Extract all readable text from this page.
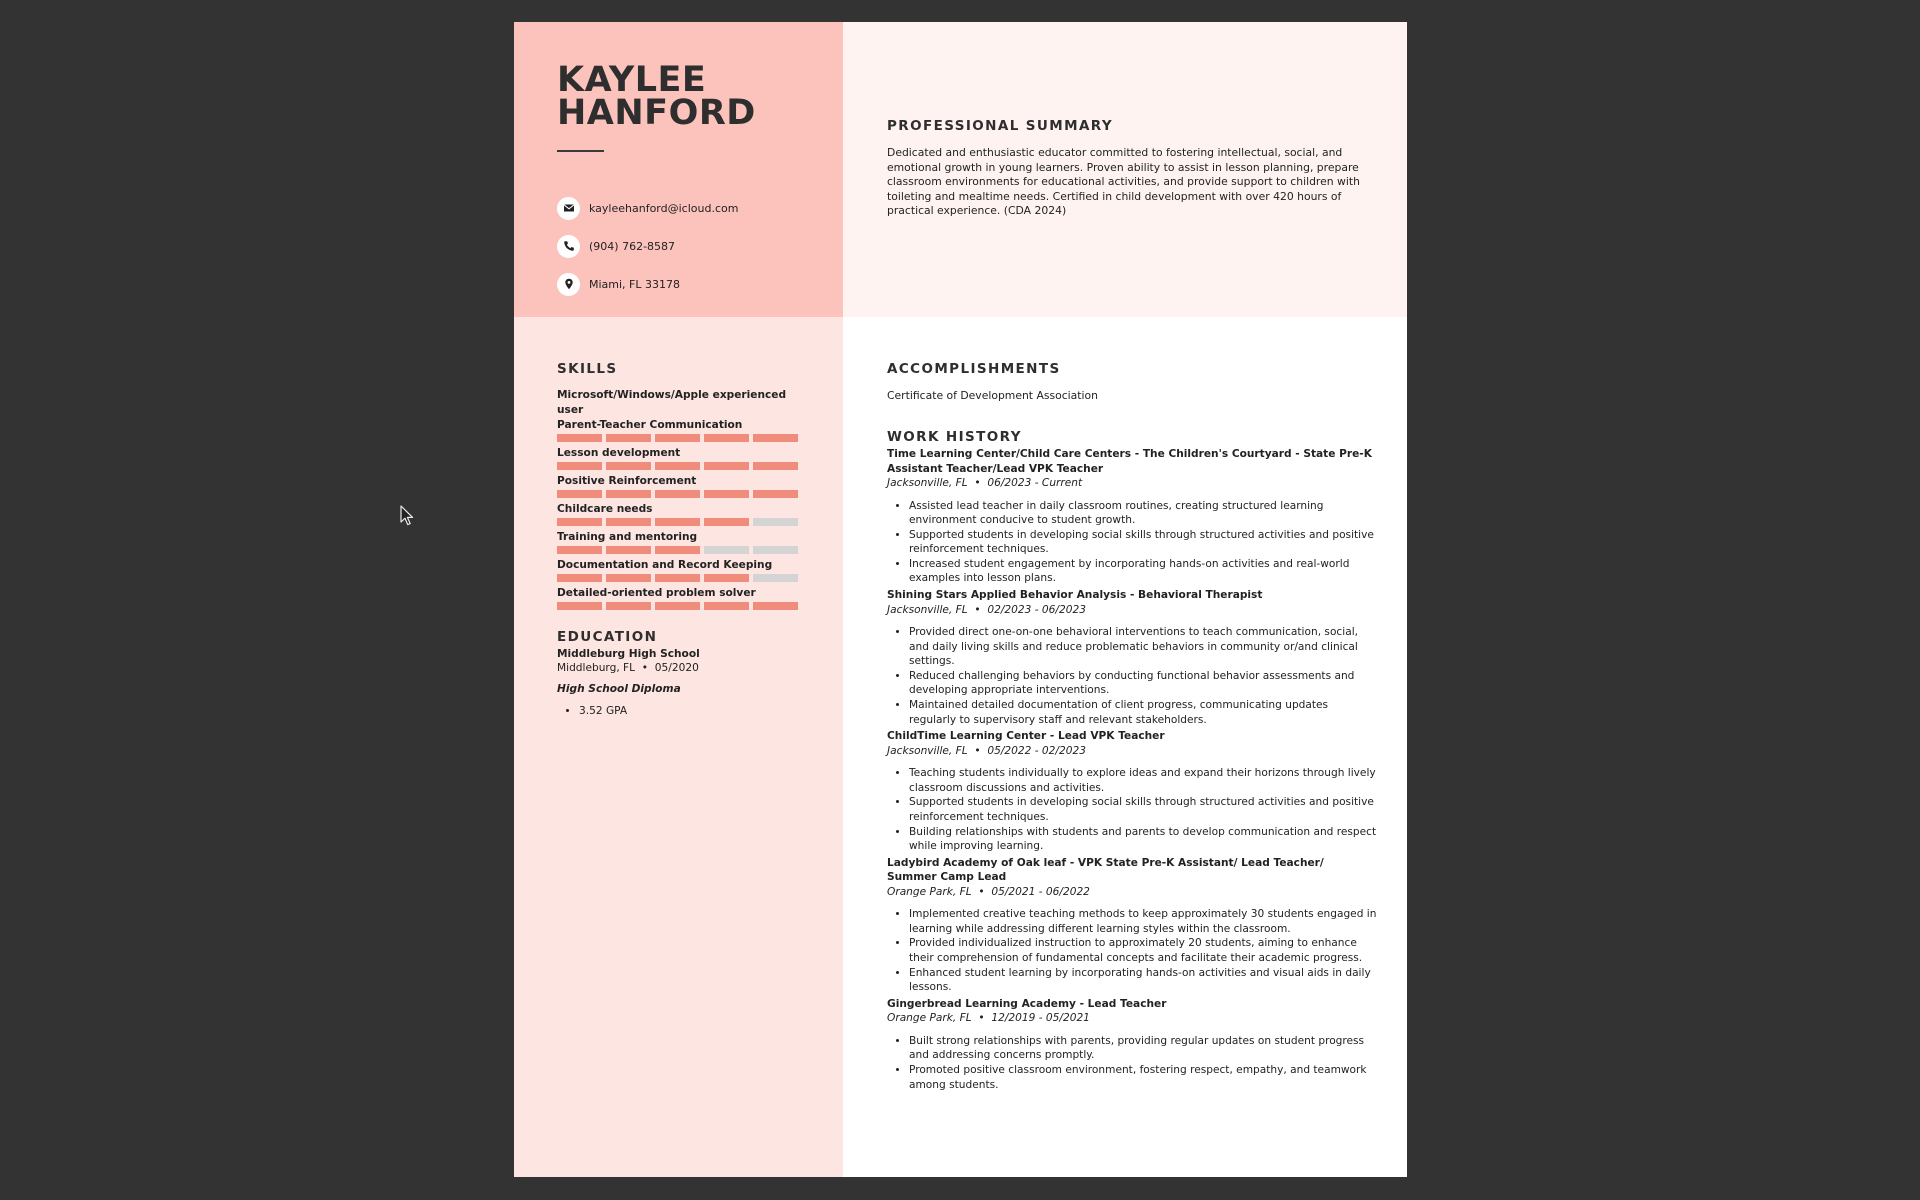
KAYLEE
HANFORD
kayleehanford@icloud.com
(904) 762-8587
Miami, FL 33178
PROFESSIONAL SUMMARY

Dedicated and enthusiastic educator committed to fostering intellectual, social, and emotional growth in young learners. Proven ability to assist in lesson planning, prepare classroom environments for educational activities, and provide support to children with toileting and mealtime needs. Certified in child development with over 420 hours of practical experience. (CDA 2024)

SKILLS
Microsoft/Windows/Apple experienced user
Parent-Teacher Communication
Lesson development
Positive Reinforcement
Childcare needs
Training and mentoring
Documentation and Record Keeping
Detailed-oriented problem solver
EDUCATION
Middleburg High School
Middleburg, FL  •  05/2020
High School Diploma
• 3.52 GPA
ACCOMPLISHMENTS
Certificate of Development Association
WORK HISTORY
Time Learning Center/Child Care Centers - The Children's Courtyard - State Pre-K Assistant Teacher/Lead VPK Teacher
Jacksonville, FL  •  06/2023 - Current
• Assisted lead teacher in daily classroom routines, creating structured learning environment conducive to student growth.
• Supported students in developing social skills through structured activities and positive reinforcement techniques.
• Increased student engagement by incorporating hands-on activities and real-world examples into lesson plans.
Shining Stars Applied Behavior Analysis - Behavioral Therapist
Jacksonville, FL  •  02/2023 - 06/2023
• Provided direct one-on-one behavioral interventions to teach communication, social, and daily living skills and reduce problematic behaviors in community or/and clinical settings.
• Reduced challenging behaviors by conducting functional behavior assessments and developing appropriate interventions.
• Maintained detailed documentation of client progress, communicating updates regularly to supervisory staff and relevant stakeholders.
ChildTime Learning Center - Lead VPK Teacher
Jacksonville, FL  •  05/2022 - 02/2023
• Teaching students individually to explore ideas and expand their horizons through lively classroom discussions and activities.
• Supported students in developing social skills through structured activities and positive reinforcement techniques.
• Building relationships with students and parents to develop communication and respect while improving learning.
Ladybird Academy of Oak leaf - VPK State Pre-K Assistant/ Lead Teacher/ Summer Camp Lead
Orange Park, FL  •  05/2021 - 06/2022
• Implemented creative teaching methods to keep approximately 30 students engaged in learning while addressing different learning styles within the classroom.
• Provided individualized instruction to approximately 20 students, aiming to enhance their comprehension of fundamental concepts and facilitate their academic progress.
• Enhanced student learning by incorporating hands-on activities and visual aids in daily lessons.
Gingerbread Learning Academy - Lead Teacher
Orange Park, FL  •  12/2019 - 05/2021
• Built strong relationships with parents, providing regular updates on student progress and addressing concerns promptly.
• Promoted positive classroom environment, fostering respect, empathy, and teamwork among students.
